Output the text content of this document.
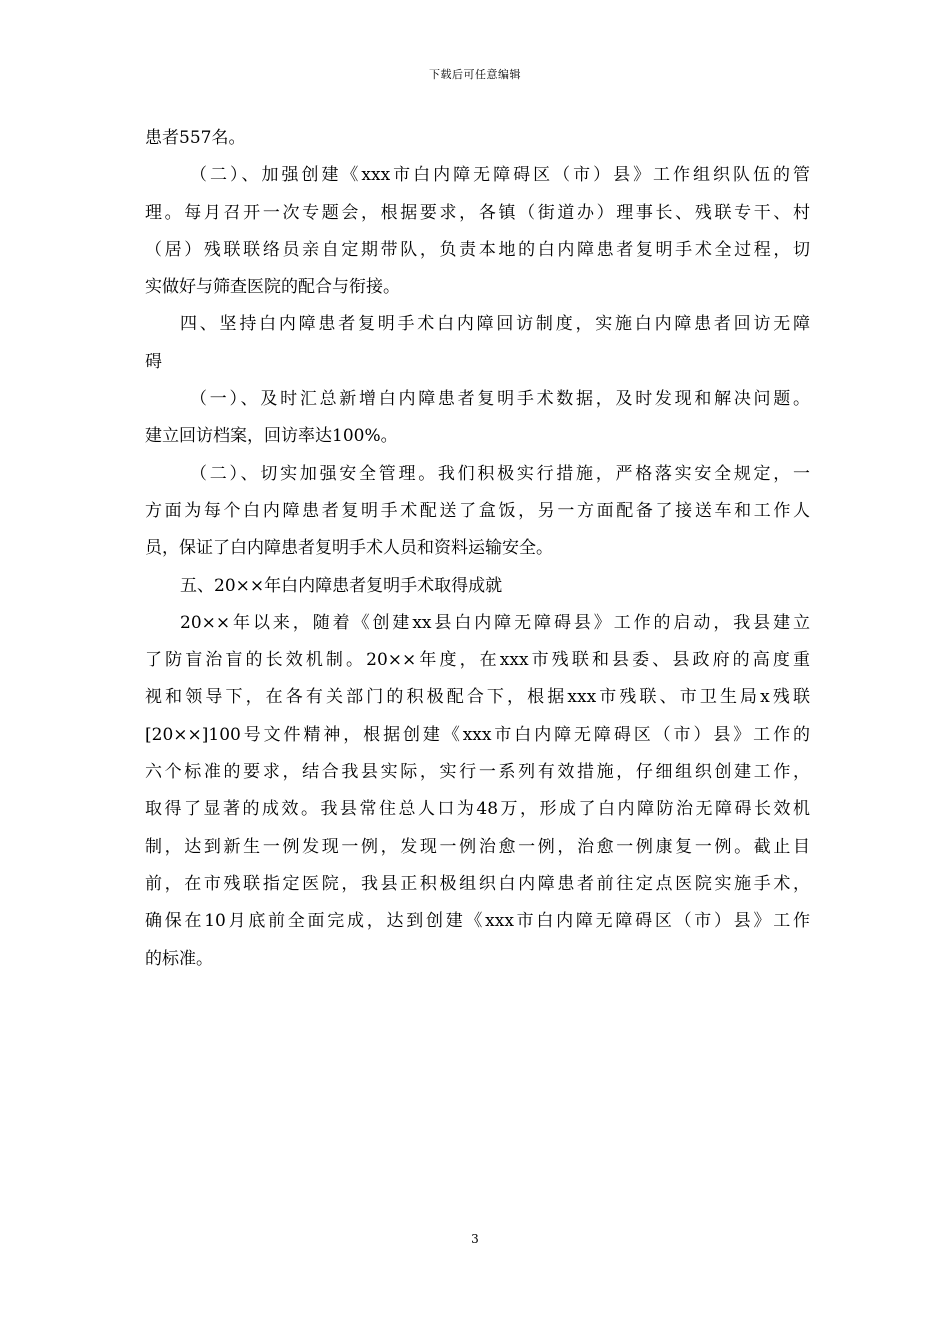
下载后可任意编辑
患者557名。
（二）、加强创建《xxx市白内障无障碍区（市）县》工作组织队伍的管
理。每月召开一次专题会，根据要求，各镇（街道办）理事长、残联专干、村
（居）残联联络员亲自定期带队，负责本地的白内障患者复明手术全过程，切
实做好与筛查医院的配合与衔接。
四、坚持白内障患者复明手术白内障回访制度，实施白内障患者回访无障
碍
（一）、及时汇总新增白内障患者复明手术数据，及时发现和解决问题。
建立回访档案，回访率达100%。
（二）、切实加强安全管理。我们积极实行措施，严格落实安全规定，一
方面为每个白内障患者复明手术配送了盒饭，另一方面配备了接送车和工作人
员，保证了白内障患者复明手术人员和资料运输安全。
五、20××年白内障患者复明手术取得成就
20××年以来，随着《创建xx县白内障无障碍县》工作的启动，我县建立
了防盲治盲的长效机制。20××年度，在xxx市残联和县委、县政府的高度重
视和领导下，在各有关部门的积极配合下，根据xxx市残联、市卫生局x残联
[20××]100号文件精神，根据创建《xxx市白内障无障碍区（市）县》工作的
六个标准的要求，结合我县实际，实行一系列有效措施，仔细组织创建工作，
取得了显著的成效。我县常住总人口为48万，形成了白内障防治无障碍长效机
制，达到新生一例发现一例，发现一例治愈一例，治愈一例康复一例。截止目
前，在市残联指定医院，我县正积极组织白内障患者前往定点医院实施手术，
确保在10月底前全面完成，达到创建《xxx市白内障无障碍区（市）县》工作
的标准。
3
